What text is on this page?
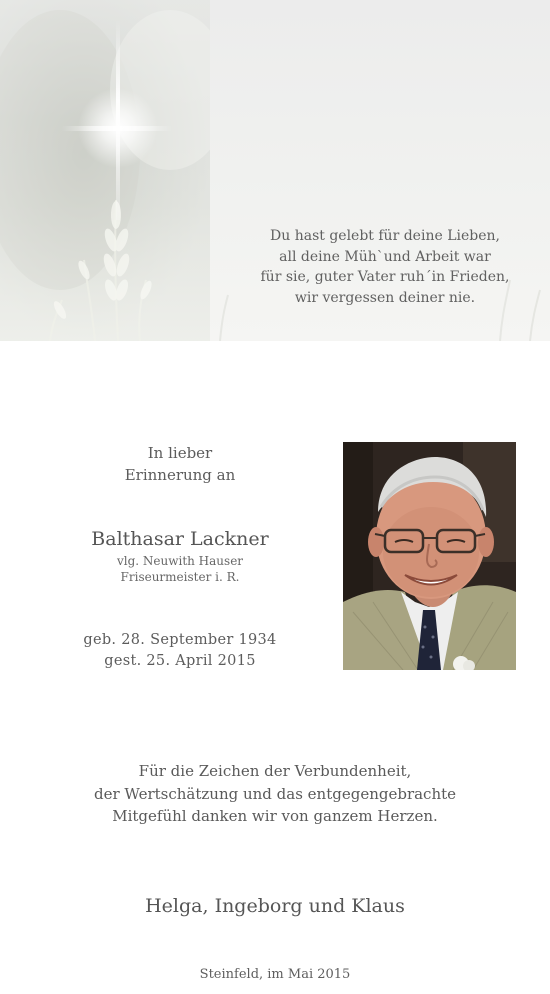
Du hast gelebt für deine Lieben,
all deine Müh`und Arbeit war
für sie, guter Vater ruh´in Frieden,
wir vergessen deiner nie.
In lieber
Erinnerung an
Balthasar Lackner
vlg. Neuwith Hauser
Friseurmeister i. R.
geb. 28. September 1934
gest. 25. April 2015
Für die Zeichen der Verbundenheit,
der Wertschätzung und das entgegengebrachte
Mitgefühl danken wir von ganzem Herzen.
Helga, Ingeborg und Klaus
Steinfeld, im Mai 2015
